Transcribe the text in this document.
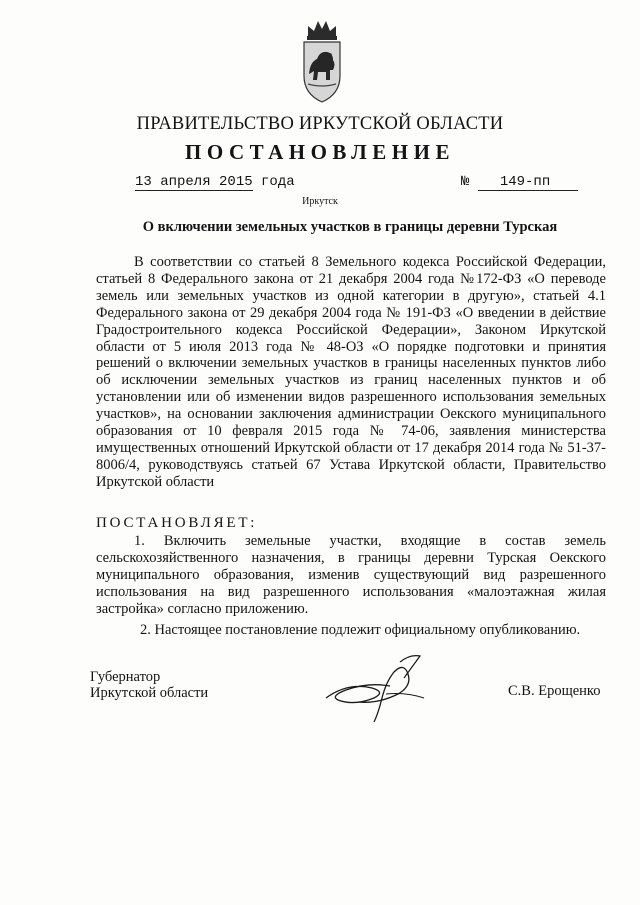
ПРАВИТЕЛЬСТВО ИРКУТСКОЙ ОБЛАСТИ
ПОСТАНОВЛЕНИЕ
13 апреля 2015 года	№ 149-пп
Иркутск
О включении земельных участков в границы деревни Турская

В соответствии со статьей 8 Земельного кодекса Российской Федерации, статьей 8 Федерального закона от 21 декабря 2004 года №172-ФЗ «О переводе земель или земельных участков из одной категории в другую», статьей 4.1 Федерального закона от 29 декабря 2004 года № 191-ФЗ «О введении в действие Градостроительного кодекса Российской Федерации», Законом Иркутской области от 5 июля 2013 года № 48-ОЗ «О порядке подготовки и принятия решений о включении земельных участков в границы населенных пунктов либо об исключении земельных участков из границ населенных пунктов и об установлении или об изменении видов разрешенного использования земельных участков», на основании заключения администрации Оекского муниципального образования от 10 февраля 2015 года № 74-06, заявления министерства имущественных отношений Иркутской области от 17 декабря 2014 года № 51-37-8006/4, руководствуясь статьей 67 Устава Иркутской области, Правительство Иркутской области

ПОСТАНОВЛЯЕТ:

1. Включить земельные участки, входящие в состав земель сельскохозяйственного назначения, в границы деревни Турская Оекского муниципального образования, изменив существующий вид разрешенного использования на вид разрешенного использования «малоэтажная жилая застройка» согласно приложению.

2. Настоящее постановление подлежит официальному опубликованию.

Губернатор
Иркутской области	С.В. Ерощенко
